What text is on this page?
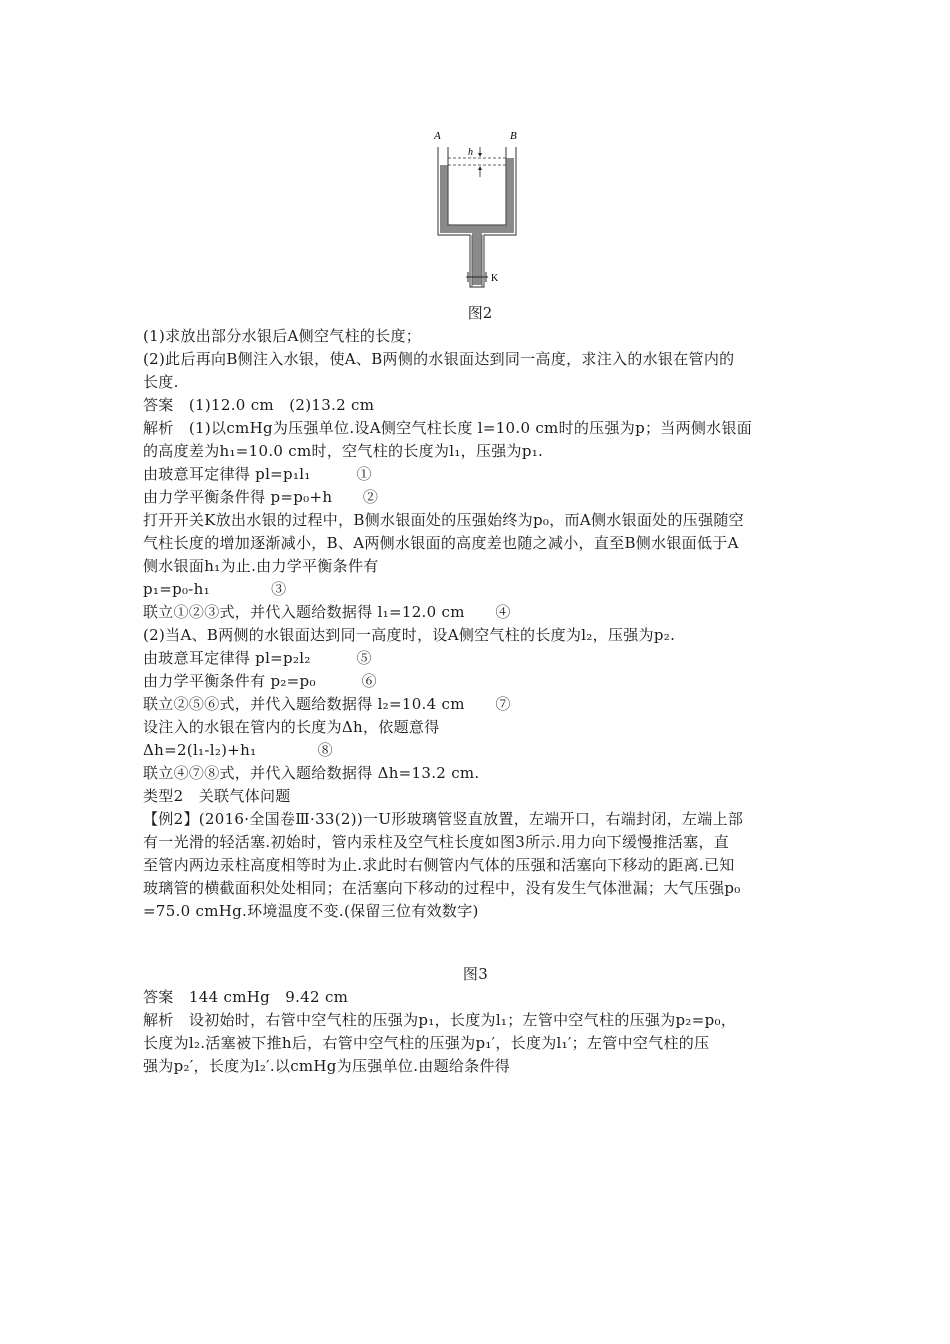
A	B
h
K
图2
(1)求放出部分水银后A侧空气柱的长度；
(2)此后再向B侧注入水银，使A、B两侧的水银面达到同一高度，求注入的水银在管内的
长度.
答案　(1)12.0 cm　(2)13.2 cm
解析　(1)以cmHg为压强单位.设A侧空气柱长度 l=10.0 cm时的压强为p；当两侧水银面
的高度差为h₁=10.0 cm时，空气柱的长度为l₁，压强为p₁.
由玻意耳定律得 pl=p₁l₁　　　①
由力学平衡条件得 p=p₀+h　　②
打开开关K放出水银的过程中，B侧水银面处的压强始终为p₀，而A侧水银面处的压强随空
气柱长度的增加逐渐减小，B、A两侧水银面的高度差也随之减小，直至B侧水银面低于A
侧水银面h₁为止.由力学平衡条件有
p₁=p₀-h₁　　　　③
联立①②③式，并代入题给数据得 l₁=12.0 cm　　④
(2)当A、B两侧的水银面达到同一高度时，设A侧空气柱的长度为l₂，压强为p₂.
由玻意耳定律得 pl=p₂l₂　　　⑤
由力学平衡条件有 p₂=p₀　　　⑥
联立②⑤⑥式，并代入题给数据得 l₂=10.4 cm　　⑦
设注入的水银在管内的长度为Δh，依题意得
Δh=2(l₁-l₂)+h₁　　　　⑧
联立④⑦⑧式，并代入题给数据得 Δh=13.2 cm.
类型2　关联气体问题
【例2】(2016·全国卷Ⅲ·33(2))一U形玻璃管竖直放置，左端开口，右端封闭，左端上部
有一光滑的轻活塞.初始时，管内汞柱及空气柱长度如图3所示.用力向下缓慢推活塞，直
至管内两边汞柱高度相等时为止.求此时右侧管内气体的压强和活塞向下移动的距离.已知
玻璃管的横截面积处处相同；在活塞向下移动的过程中，没有发生气体泄漏；大气压强p₀
=75.0 cmHg.环境温度不变.(保留三位有效数字)
图3
答案　144 cmHg　9.42 cm
解析　设初始时，右管中空气柱的压强为p₁，长度为l₁；左管中空气柱的压强为p₂=p₀，
长度为l₂.活塞被下推h后，右管中空气柱的压强为p₁′，长度为l₁′；左管中空气柱的压
强为p₂′，长度为l₂′.以cmHg为压强单位.由题给条件得
